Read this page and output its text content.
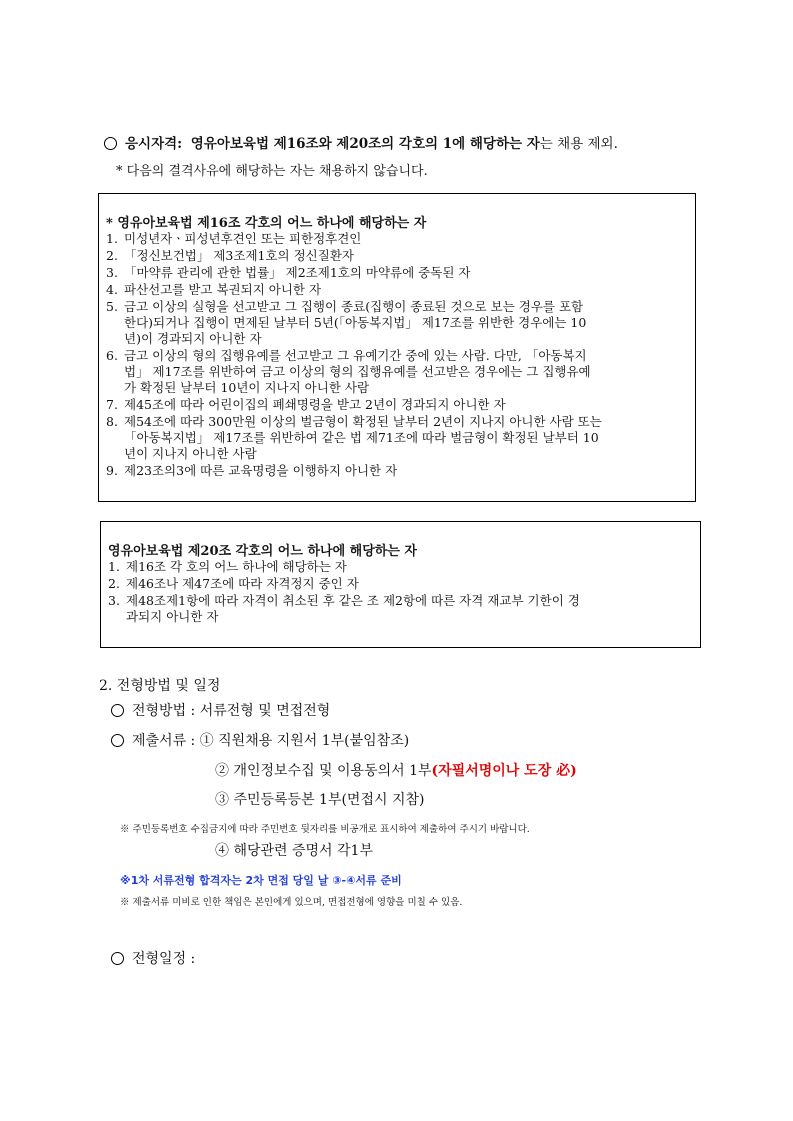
응시자격: 영유아보육법 제16조와 제20조의 각호의 1에 해당하는 자는 채용 제외.
* 다음의 결격사유에 해당하는 자는 채용하지 않습니다.
* 영유아보육법 제16조 각호의 어느 하나에 해당하는 자
1. 미성년자ㆍ피성년후견인 또는 피한정후견인
2. 「정신보건법」 제3조제1호의 정신질환자
3. 「마약류 관리에 관한 법률」 제2조제1호의 마약류에 중독된 자
4. 파산선고를 받고 복권되지 아니한 자
5. 금고 이상의 실형을 선고받고 그 집행이 종료(집행이 종료된 것으로 보는 경우를 포함
한다)되거나 집행이 면제된 날부터 5년(「아동복지법」 제17조를 위반한 경우에는 10
년)이 경과되지 아니한 자
6. 금고 이상의 형의 집행유예를 선고받고 그 유예기간 중에 있는 사람. 다만, 「아동복지
법」 제17조를 위반하여 금고 이상의 형의 집행유예를 선고받은 경우에는 그 집행유예
가 확정된 날부터 10년이 지나지 아니한 사람
7. 제45조에 따라 어린이집의 폐쇄명령을 받고 2년이 경과되지 아니한 자
8. 제54조에 따라 300만원 이상의 벌금형이 확정된 날부터 2년이 지나지 아니한 사람 또는
「아동복지법」 제17조를 위반하여 같은 법 제71조에 따라 벌금형이 확정된 날부터 10
년이 지나지 아니한 사람
9. 제23조의3에 따른 교육명령을 이행하지 아니한 자
영유아보육법 제20조 각호의 어느 하나에 해당하는 자
1. 제16조 각 호의 어느 하나에 해당하는 자
2. 제46조나 제47조에 따라 자격정지 중인 자
3. 제48조제1항에 따라 자격이 취소된 후 같은 조 제2항에 따른 자격 재교부 기한이 경
과되지 아니한 자
2. 전형방법 및 일정
전형방법 : 서류전형 및 면접전형
제출서류 : ① 직원채용 지원서 1부(붙임참조)
② 개인정보수집 및 이용동의서 1부(자필서명이나 도장 必)
③ 주민등록등본 1부(면접시 지참)
※ 주민등록번호 수집금지에 따라 주민번호 뒷자리를 비공개로 표시하여 제출하여 주시기 바랍니다.
④ 해당관련 증명서 각1부
※1차 서류전형 합격자는 2차 면접 당일 날 ③-④서류 준비
※ 제출서류 미비로 인한 책임은 본인에게 있으며, 면접전형에 영향을 미칠 수 있음.
전형일정 :
